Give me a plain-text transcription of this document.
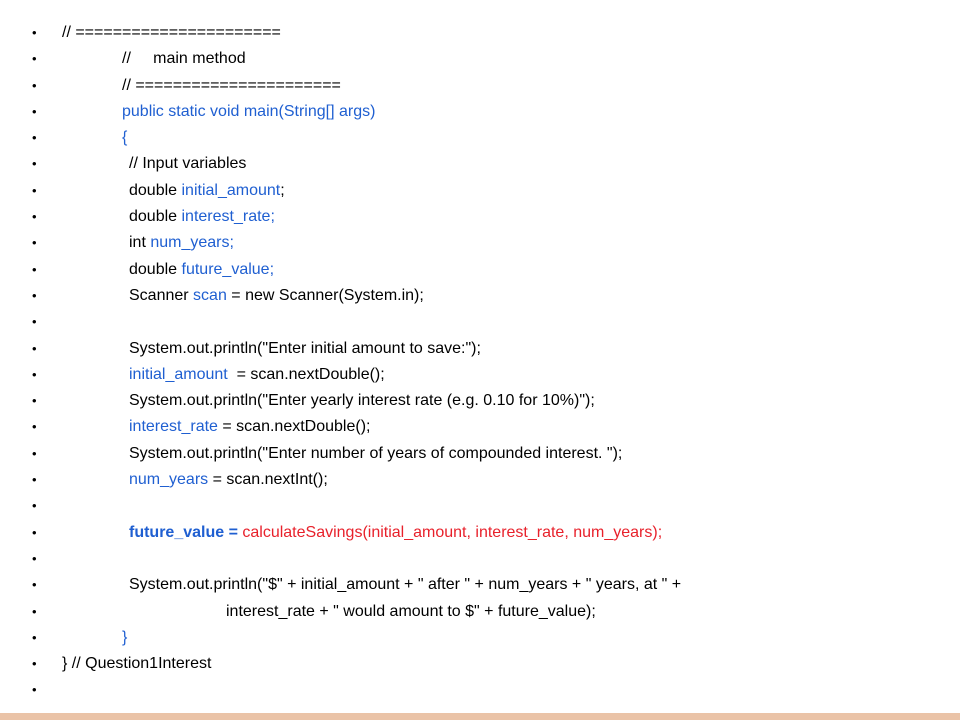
• // ======================
•	//     main method
•	// ======================
•	public static void main(String[] args)
•	{
•	// Input variables
•	double initial_amount;
•	double interest_rate;
•	int num_years;
•	double future_value;
•	Scanner scan = new Scanner(System.in);
•
•	System.out.println("Enter initial amount to save:");
•	initial_amount  = scan.nextDouble();
•	System.out.println("Enter yearly interest rate (e.g. 0.10 for 10%)");
•	interest_rate = scan.nextDouble();
•	System.out.println("Enter number of years of compounded interest. ");
•	num_years = scan.nextInt();
•
•	future_value = calculateSavings(initial_amount, interest_rate, num_years);
•
•	System.out.println("$" + initial_amount + " after " + num_years + " years, at " +
•	interest_rate + " would amount to $" + future_value);
•	}
• } // Question1Interest
•
